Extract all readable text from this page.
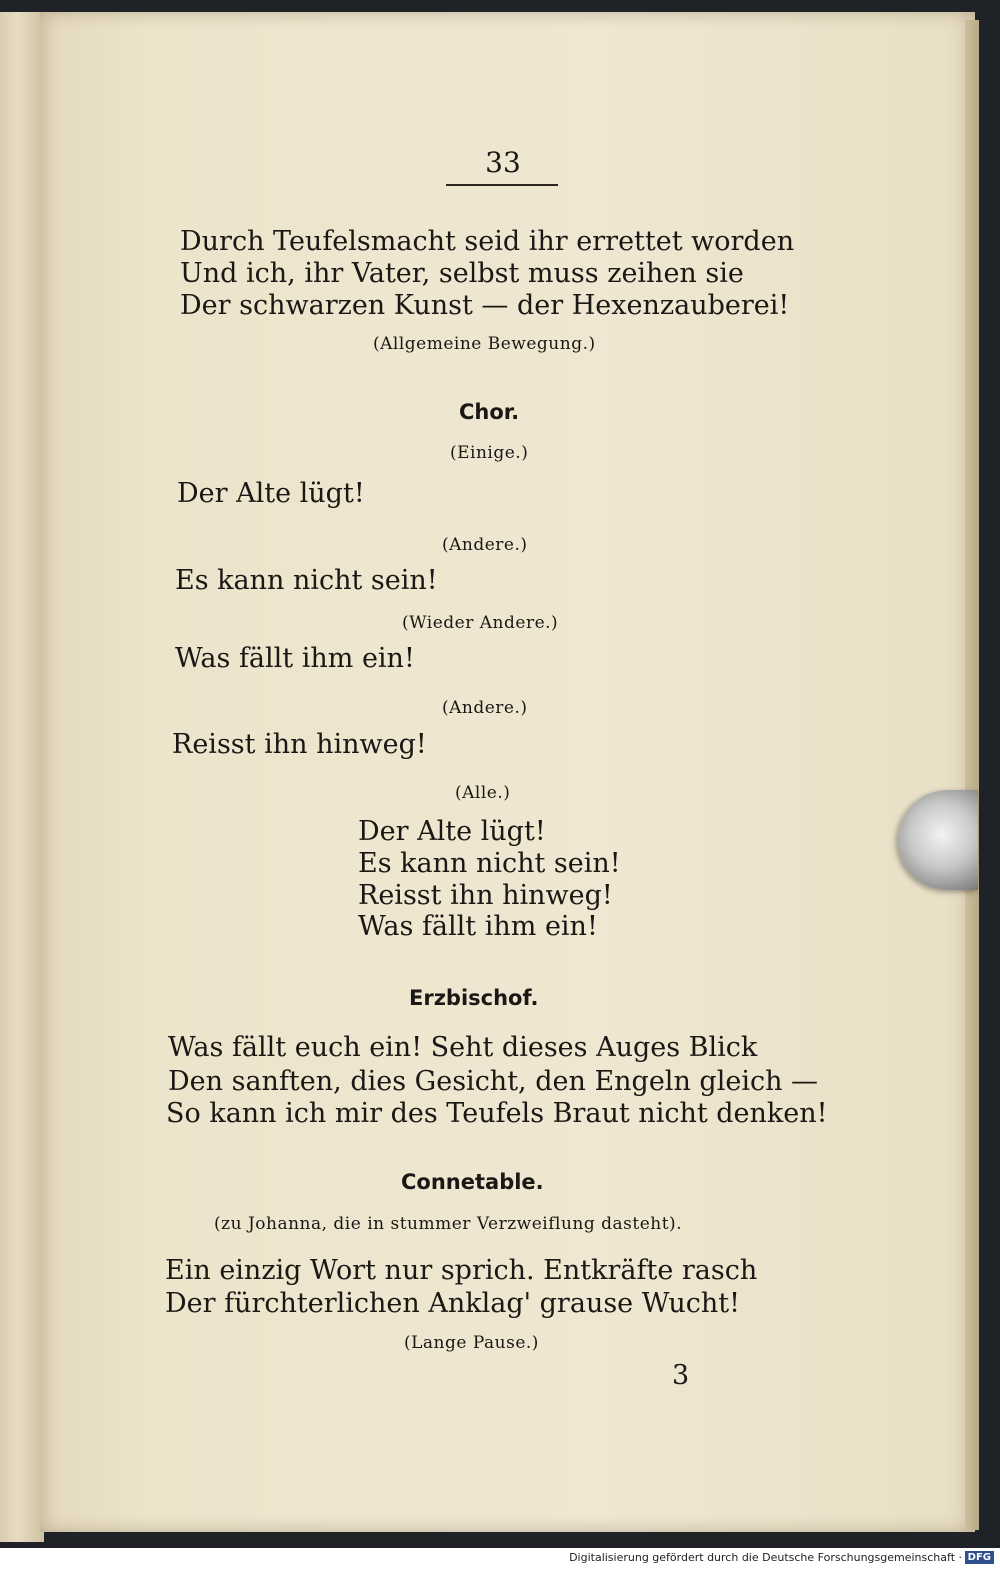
33
Durch Teufelsmacht seid ihr errettet worden
Und ich, ihr Vater, selbst muss zeihen sie
Der schwarzen Kunst — der Hexenzauberei!
(Allgemeine Bewegung.)
Chor.
(Einige.)
Der Alte lügt!
(Andere.)
Es kann nicht sein!
(Wieder Andere.)
Was fällt ihm ein!
(Andere.)
Reisst ihn hinweg!
(Alle.)
Der Alte lügt!
Es kann nicht sein!
Reisst ihn hinweg!
Was fällt ihm ein!
Erzbischof.
Was fällt euch ein! Seht dieses Auges Blick
Den sanften, dies Gesicht, den Engeln gleich —
So kann ich mir des Teufels Braut nicht denken!
Connetable.
(zu Johanna, die in stummer Verzweiflung dasteht).
Ein einzig Wort nur sprich. Entkräfte rasch
Der fürchterlichen Anklag' grause Wucht!
(Lange Pause.)
3
Digitalisierung gefördert durch die Deutsche Forschungsgemeinschaft · DFG
